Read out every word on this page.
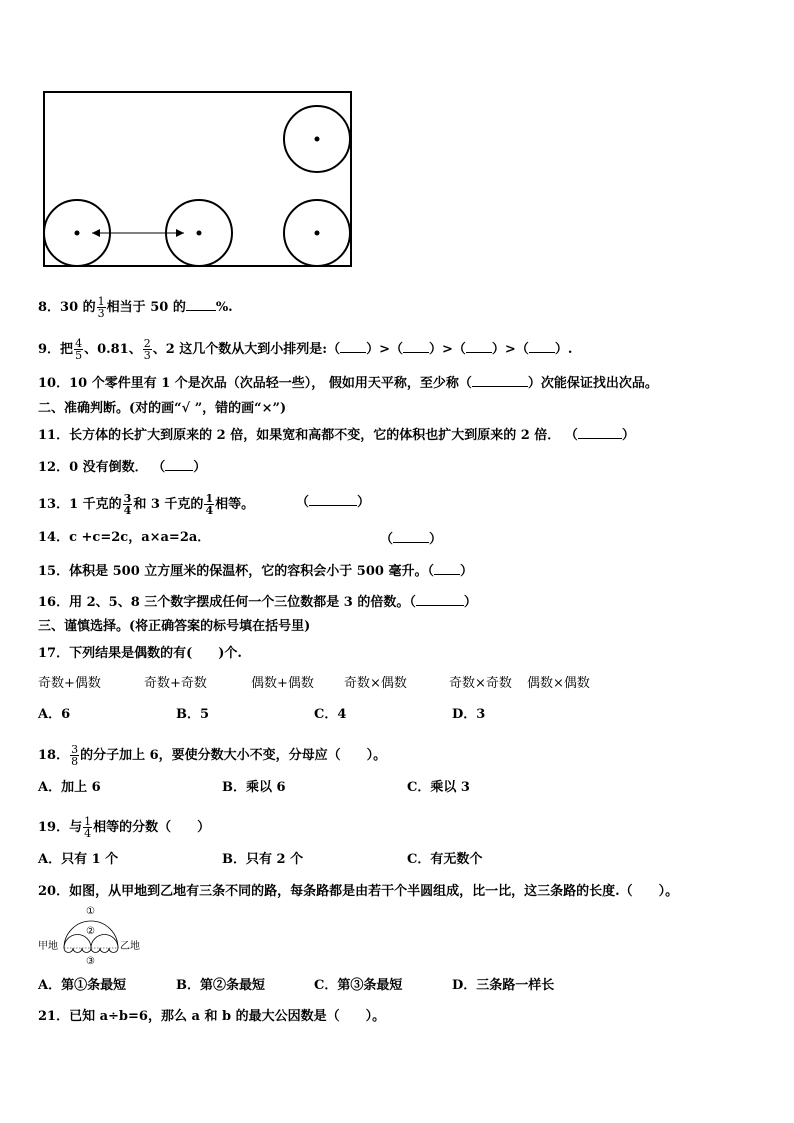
8．30 的 $\frac{1}{3}$ 相当于 50 的 %.
9．把 $\frac{4}{5}$ 、0.81、 $\frac{2}{3}$ 、2 这几个数从大到小排列是:（ ）>（ ）>（ ）>（ ）.
10．10 个零件里有 1 个是次品（次品轻一些）， 假如用天平称，至少称（	）次能保证找出次品。
二、准确判断。(对的画“√ ”，错的画“×”)
11．长方体的长扩大到原来的 2 倍，如果宽和高都不变，它的体积也扩大到原来的 2 倍． （	）
12．0 没有倒数． （ ）
13．1 千克的 $\frac{3}{4}$ 和 3 千克的 $\frac{1}{4}$ 相等。	（	）
14．c +c=2c，a×a=2a．	（	）
15．体积是 500 立方厘米的保温杯，它的容积会小于 500 毫升。（ ）
16．用 2、5、8 三个数字摆成任何一个三位数都是 3 的倍数。（	）
三、谨慎选择。(将正确答案的标号填在括号里)
17．下列结果是偶数的有(　　)个.
奇数+偶数	奇数+奇数	偶数+偶数 奇数×偶数	奇数×奇数 偶数×偶数
A．6	B．5	C．4	D．3
18． $\frac{3}{8}$ 的分子加上 6，要使分数大小不变，分母应（　　）。
A．加上 6	B．乘以 6	C．乘以 3
19．与 $\frac{1}{4}$ 相等的分数（　　）
A．只有 1 个	B．只有 2 个	C．有无数个
20．如图，从甲地到乙地有三条不同的路，每条路都是由若干个半圆组成，比一比，这三条路的长度.（　　）。
甲地	乙地
①
②
③
A．第①条最短	B．第②条最短	C．第③条最短	D．三条路一样长
21．已知 a÷b=6，那么 a 和 b 的最大公因数是（　　）。
